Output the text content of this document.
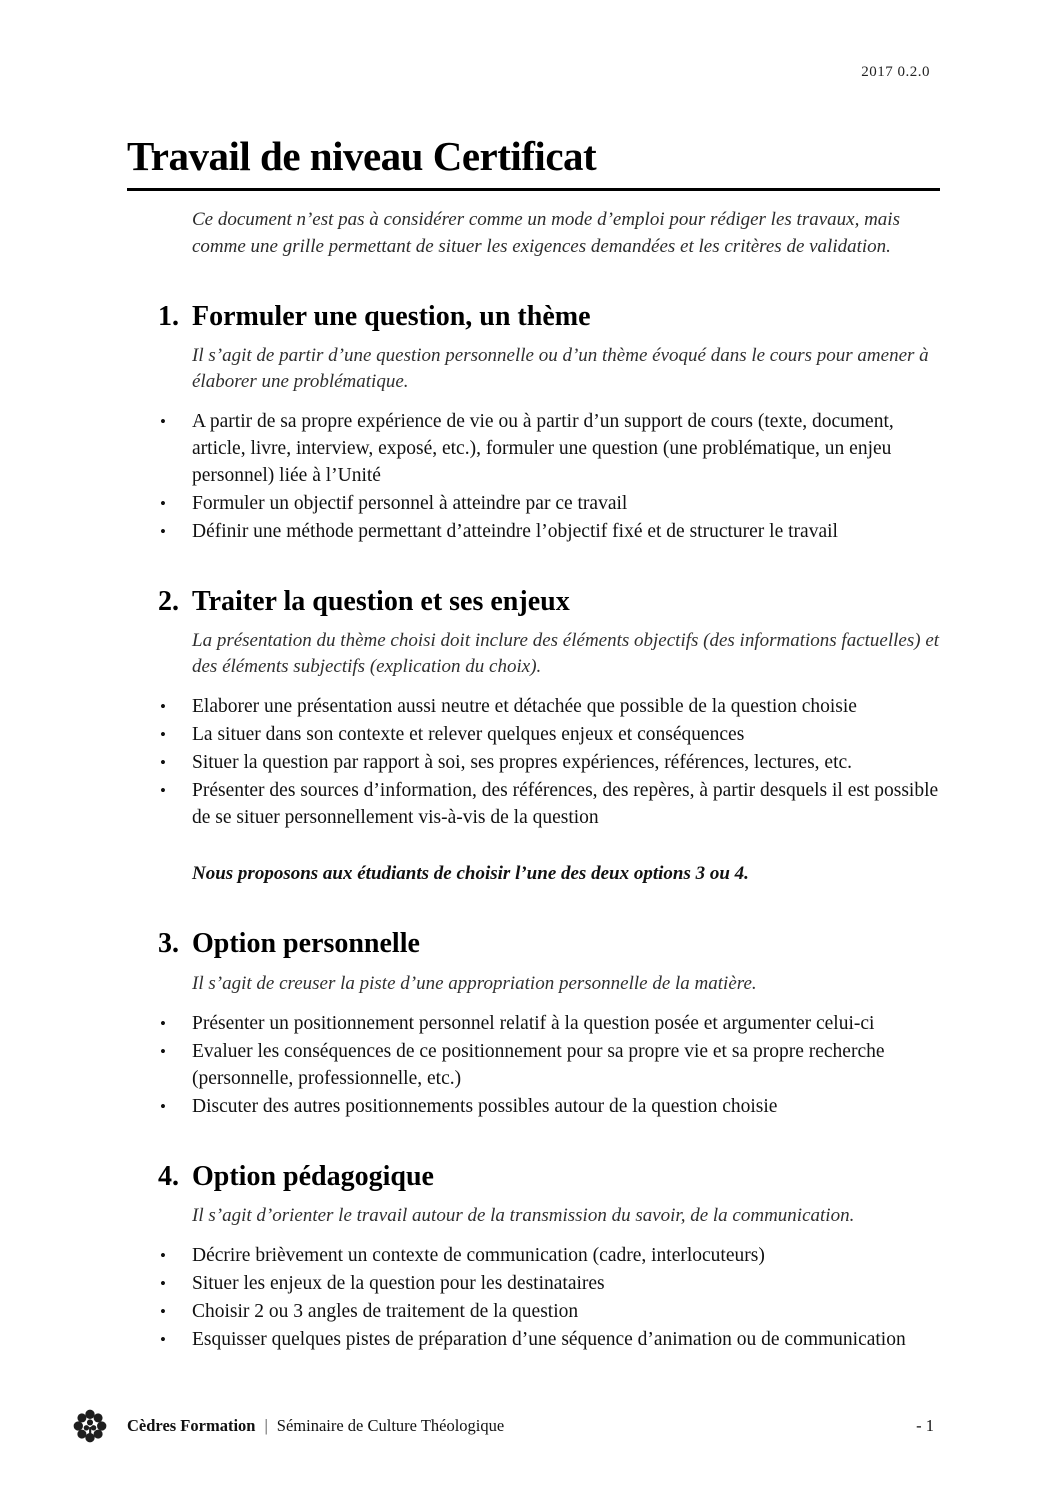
2017 0.2.0
Travail de niveau Certificat

Ce document n’est pas à considérer comme un mode d’emploi pour rédiger les travaux, mais comme une grille permettant de situer les exigences demandées et les critères de validation.

1. Formuler une question, un thème

Il s’agit de partir d’une question personnelle ou d’un thème évoqué dans le cours pour amener à élaborer une problématique.

• A partir de sa propre expérience de vie ou à partir d’un support de cours (texte, document, article, livre, interview, exposé, etc.), formuler une question (une problématique, un enjeu personnel) liée à l’Unité
• Formuler un objectif personnel à atteindre par ce travail
• Définir une méthode permettant d’atteindre l’objectif fixé et de structurer le travail
2. Traiter la question et ses enjeux

La présentation du thème choisi doit inclure des éléments objectifs (des informations factuelles) et des éléments subjectifs (explication du choix).

• Elaborer une présentation aussi neutre et détachée que possible de la question choisie
• La situer dans son contexte et relever quelques enjeux et conséquences
• Situer la question par rapport à soi, ses propres expériences, références, lectures, etc.
• Présenter des sources d’information, des références, des repères, à partir desquels il est possible de se situer personnellement vis-à-vis de la question

Nous proposons aux étudiants de choisir l’une des deux options 3 ou 4.

3. Option personnelle

Il s’agit de creuser la piste d’une appropriation personnelle de la matière.

• Présenter un positionnement personnel relatif à la question posée et argumenter celui-ci
• Evaluer les conséquences de ce positionnement pour sa propre vie et sa propre recherche (personnelle, professionnelle, etc.)
• Discuter des autres positionnements possibles autour de la question choisie
4. Option pédagogique

Il s’agit d’orienter le travail autour de la transmission du savoir, de la communication.

• Décrire brièvement un contexte de communication (cadre, interlocuteurs)
• Situer les enjeux de la question pour les destinataires
• Choisir 2 ou 3 angles de traitement de la question
• Esquisser quelques pistes de préparation d’une séquence d’animation ou de communication
Cèdres Formation | Séminaire de Culture Théologique	- 1
